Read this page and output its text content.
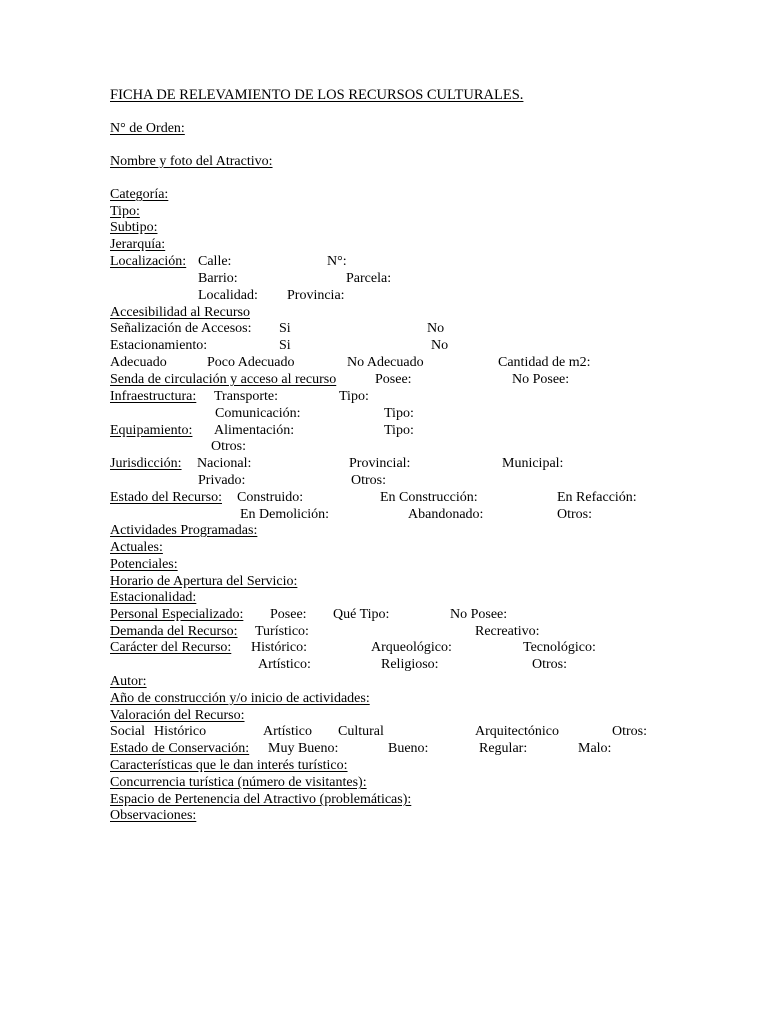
FICHA DE RELEVAMIENTO DE LOS RECURSOS CULTURALES.
N° de Orden:
Nombre y foto del Atractivo:
Categoría:
Tipo:
Subtipo:
Jerarquía:
Localización: Calle:	N°:
Barrio:	Parcela:
Localidad: Provincia:
Accesibilidad al Recurso
Señalización de Accesos: Si	No
Estacionamiento:	Si	No
Adecuado	Poco Adecuado	No Adecuado	Cantidad de m2:
Senda de circulación y acceso al recurso	Posee:	No Posee:
Infraestructura: Transporte:	Tipo:
Comunicación:	Tipo:
Equipamiento: Alimentación:	Tipo:
Otros:
Jurisdicción: Nacional:	Provincial:	Municipal:
Privado:	Otros:
Estado del Recurso: Construido:	En Construcción:	En Refacción:
En Demolición:	Abandonado:	Otros:
Actividades Programadas:
Actuales:
Potenciales:
Horario de Apertura del Servicio:
Estacionalidad:
Personal Especializado: Posee: Qué Tipo:	No Posee:
Demanda del Recurso: Turístico:	Recreativo:
Carácter del Recurso: Histórico:	Arqueológico:	Tecnológico:
Artístico:	Religioso:	Otros:
Autor:
Año de construcción y/o inicio de actividades:
Valoración del Recurso:
Social Histórico	Artístico Cultural	Arquitectónico	Otros:
Estado de Conservación: Muy Bueno:	Bueno:	Regular:	Malo:
Características que le dan interés turístico:
Concurrencia turística (número de visitantes):
Espacio de Pertenencia del Atractivo (problemáticas):
Observaciones:
